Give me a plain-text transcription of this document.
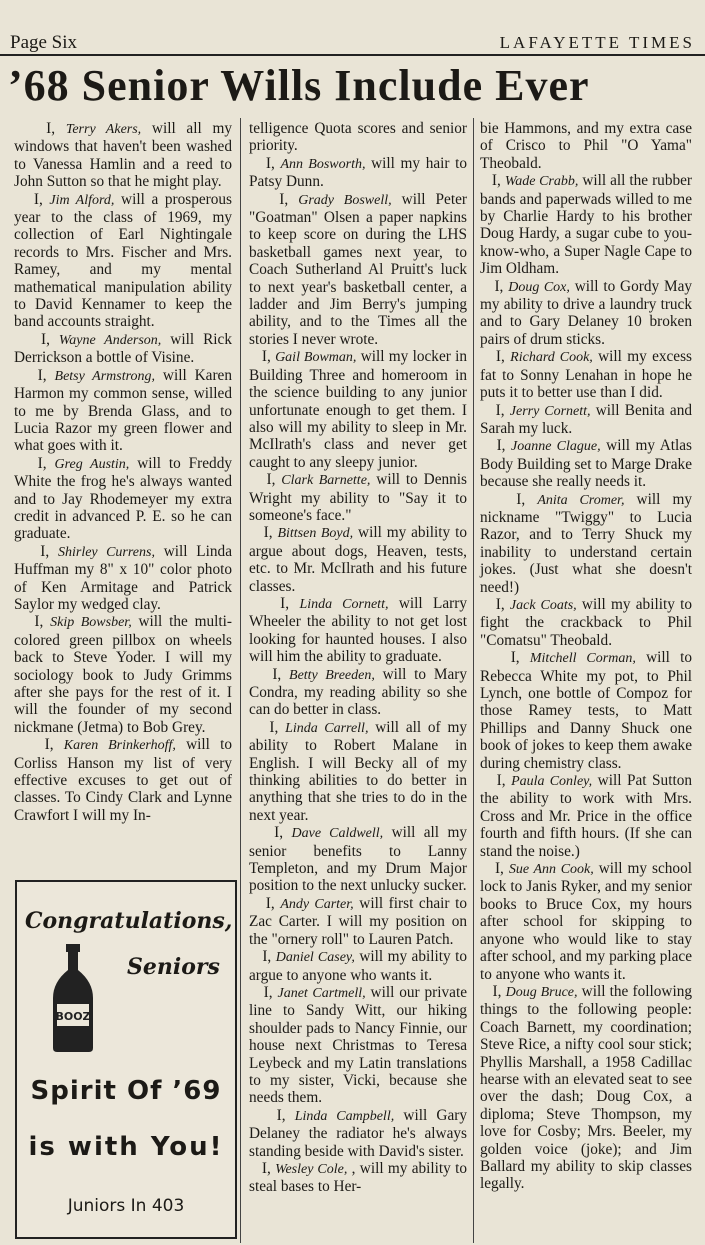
Page Six	LAFAYETTE TIMES
’68 Senior Wills Include Ever

I, Terry Akers, will all my windows that haven't been washed to Vanessa Hamlin and a reed to John Sutton so that he might play.

I, Jim Alford, will a prosperous year to the class of 1969, my collection of Earl Nightingale records to Mrs. Fischer and Mrs. Ramey, and my mental mathematical manipulation ability to David Kennamer to keep the band accounts straight.

I, Wayne Anderson, will Rick Derrickson a bottle of Visine.

I, Betsy Armstrong, will Karen Harmon my common sense, willed to me by Brenda Glass, and to Lucia Razor my green flower and what goes with it.

I, Greg Austin, will to Freddy White the frog he's always wanted and to Jay Rhodemeyer my extra credit in advanced P. E. so he can graduate.

I, Shirley Currens, will Linda Huffman my 8" x 10" color photo of Ken Armitage and Patrick Saylor my wedged clay.

I, Skip Bowsber, will the multi-colored green pillbox on wheels back to Steve Yoder. I will my sociology book to Judy Grimms after she pays for the rest of it. I will the founder of my second nickmane (Jetma) to Bob Grey.

I, Karen Brinkerhoff, will to Corliss Hanson my list of very effective excuses to get out of classes. To Cindy Clark and Lynne Crawfort I will my In-

telligence Quota scores and senior priority.

I, Ann Bosworth, will my hair to Patsy Dunn.

I, Grady Boswell, will Peter "Goatman" Olsen a paper napkins to keep score on during the LHS basketball games next year, to Coach Sutherland Al Pruitt's luck to next year's basketball center, a ladder and Jim Berry's jumping ability, and to the Times all the stories I never wrote.

I, Gail Bowman, will my locker in Building Three and homeroom in the science building to any junior unfortunate enough to get them. I also will my ability to sleep in Mr. McIlrath's class and never get caught to any sleepy junior.

I, Clark Barnette, will to Dennis Wright my ability to "Say it to someone's face."

I, Bittsen Boyd, will my ability to argue about dogs, Heaven, tests, etc. to Mr. McIlrath and his future classes.

I, Linda Cornett, will Larry Wheeler the ability to not get lost looking for haunted houses. I also will him the ability to graduate.

I, Betty Breeden, will to Mary Condra, my reading ability so she can do better in class.

I, Linda Carrell, will all of my ability to Robert Malane in English. I will Becky all of my thinking abilities to do better in anything that she tries to do in the next year.

I, Dave Caldwell, will all my senior benefits to Lanny Templeton, and my Drum Major position to the next unlucky sucker.

I, Andy Carter, will first chair to Zac Carter. I will my position on the "ornery roll" to Lauren Patch.

I, Daniel Casey, will my ability to argue to anyone who wants it.

I, Janet Cartmell, will our private line to Sandy Witt, our hiking shoulder pads to Nancy Finnie, our house next Christmas to Teresa Leybeck and my Latin translations to my sister, Vicki, because she needs them.

I, Linda Campbell, will Gary Delaney the radiator he's always standing beside with David's sister.

I, Wesley Cole, , will my ability to steal bases to Her-

bie Hammons, and my extra case of Crisco to Phil "O Yama" Theobald.

I, Wade Crabb, will all the rubber bands and paperwads willed to me by Charlie Hardy to his brother Doug Hardy, a sugar cube to you-know-who, a Super Nagle Cape to Jim Oldham.

I, Doug Cox, will to Gordy May my ability to drive a laundry truck and to Gary Delaney 10 broken pairs of drum sticks.

I, Richard Cook, will my excess fat to Sonny Lenahan in hope he puts it to better use than I did.

I, Jerry Cornett, will Benita and Sarah my luck.

I, Joanne Clague, will my Atlas Body Building set to Marge Drake because she really needs it.

I, Anita Cromer, will my nickname "Twiggy" to Lucia Razor, and to Terry Shuck my inability to understand certain jokes. (Just what she doesn't need!)

I, Jack Coats, will my ability to fight the crackback to Phil "Comatsu" Theobald.

I, Mitchell Corman, will to Rebecca White my pot, to Phil Lynch, one bottle of Compoz for those Ramey tests, to Matt Phillips and Danny Shuck one book of jokes to keep them awake during chemistry class.

I, Paula Conley, will Pat Sutton the ability to work with Mrs. Cross and Mr. Price in the office fourth and fifth hours. (If she can stand the noise.)

I, Sue Ann Cook, will my school lock to Janis Ryker, and my senior books to Bruce Cox, my hours after school for skipping to anyone who would like to stay after school, and my parking place to anyone who wants it.

I, Doug Bruce, will the following things to the following people: Coach Barnett, my coordination; Steve Rice, a nifty cool sour stick; Phyllis Marshall, a 1958 Cadillac hearse with an elevated seat to see over the dash; Doug Cox, a diploma; Steve Thompson, my love for Cosby; Mrs. Beeler, my golden voice (joke); and Jim Ballard my ability to skip classes legally.

Congratulations,
BOOZ
Seniors
Spirit Of ’69
is with You!
Juniors In 403
